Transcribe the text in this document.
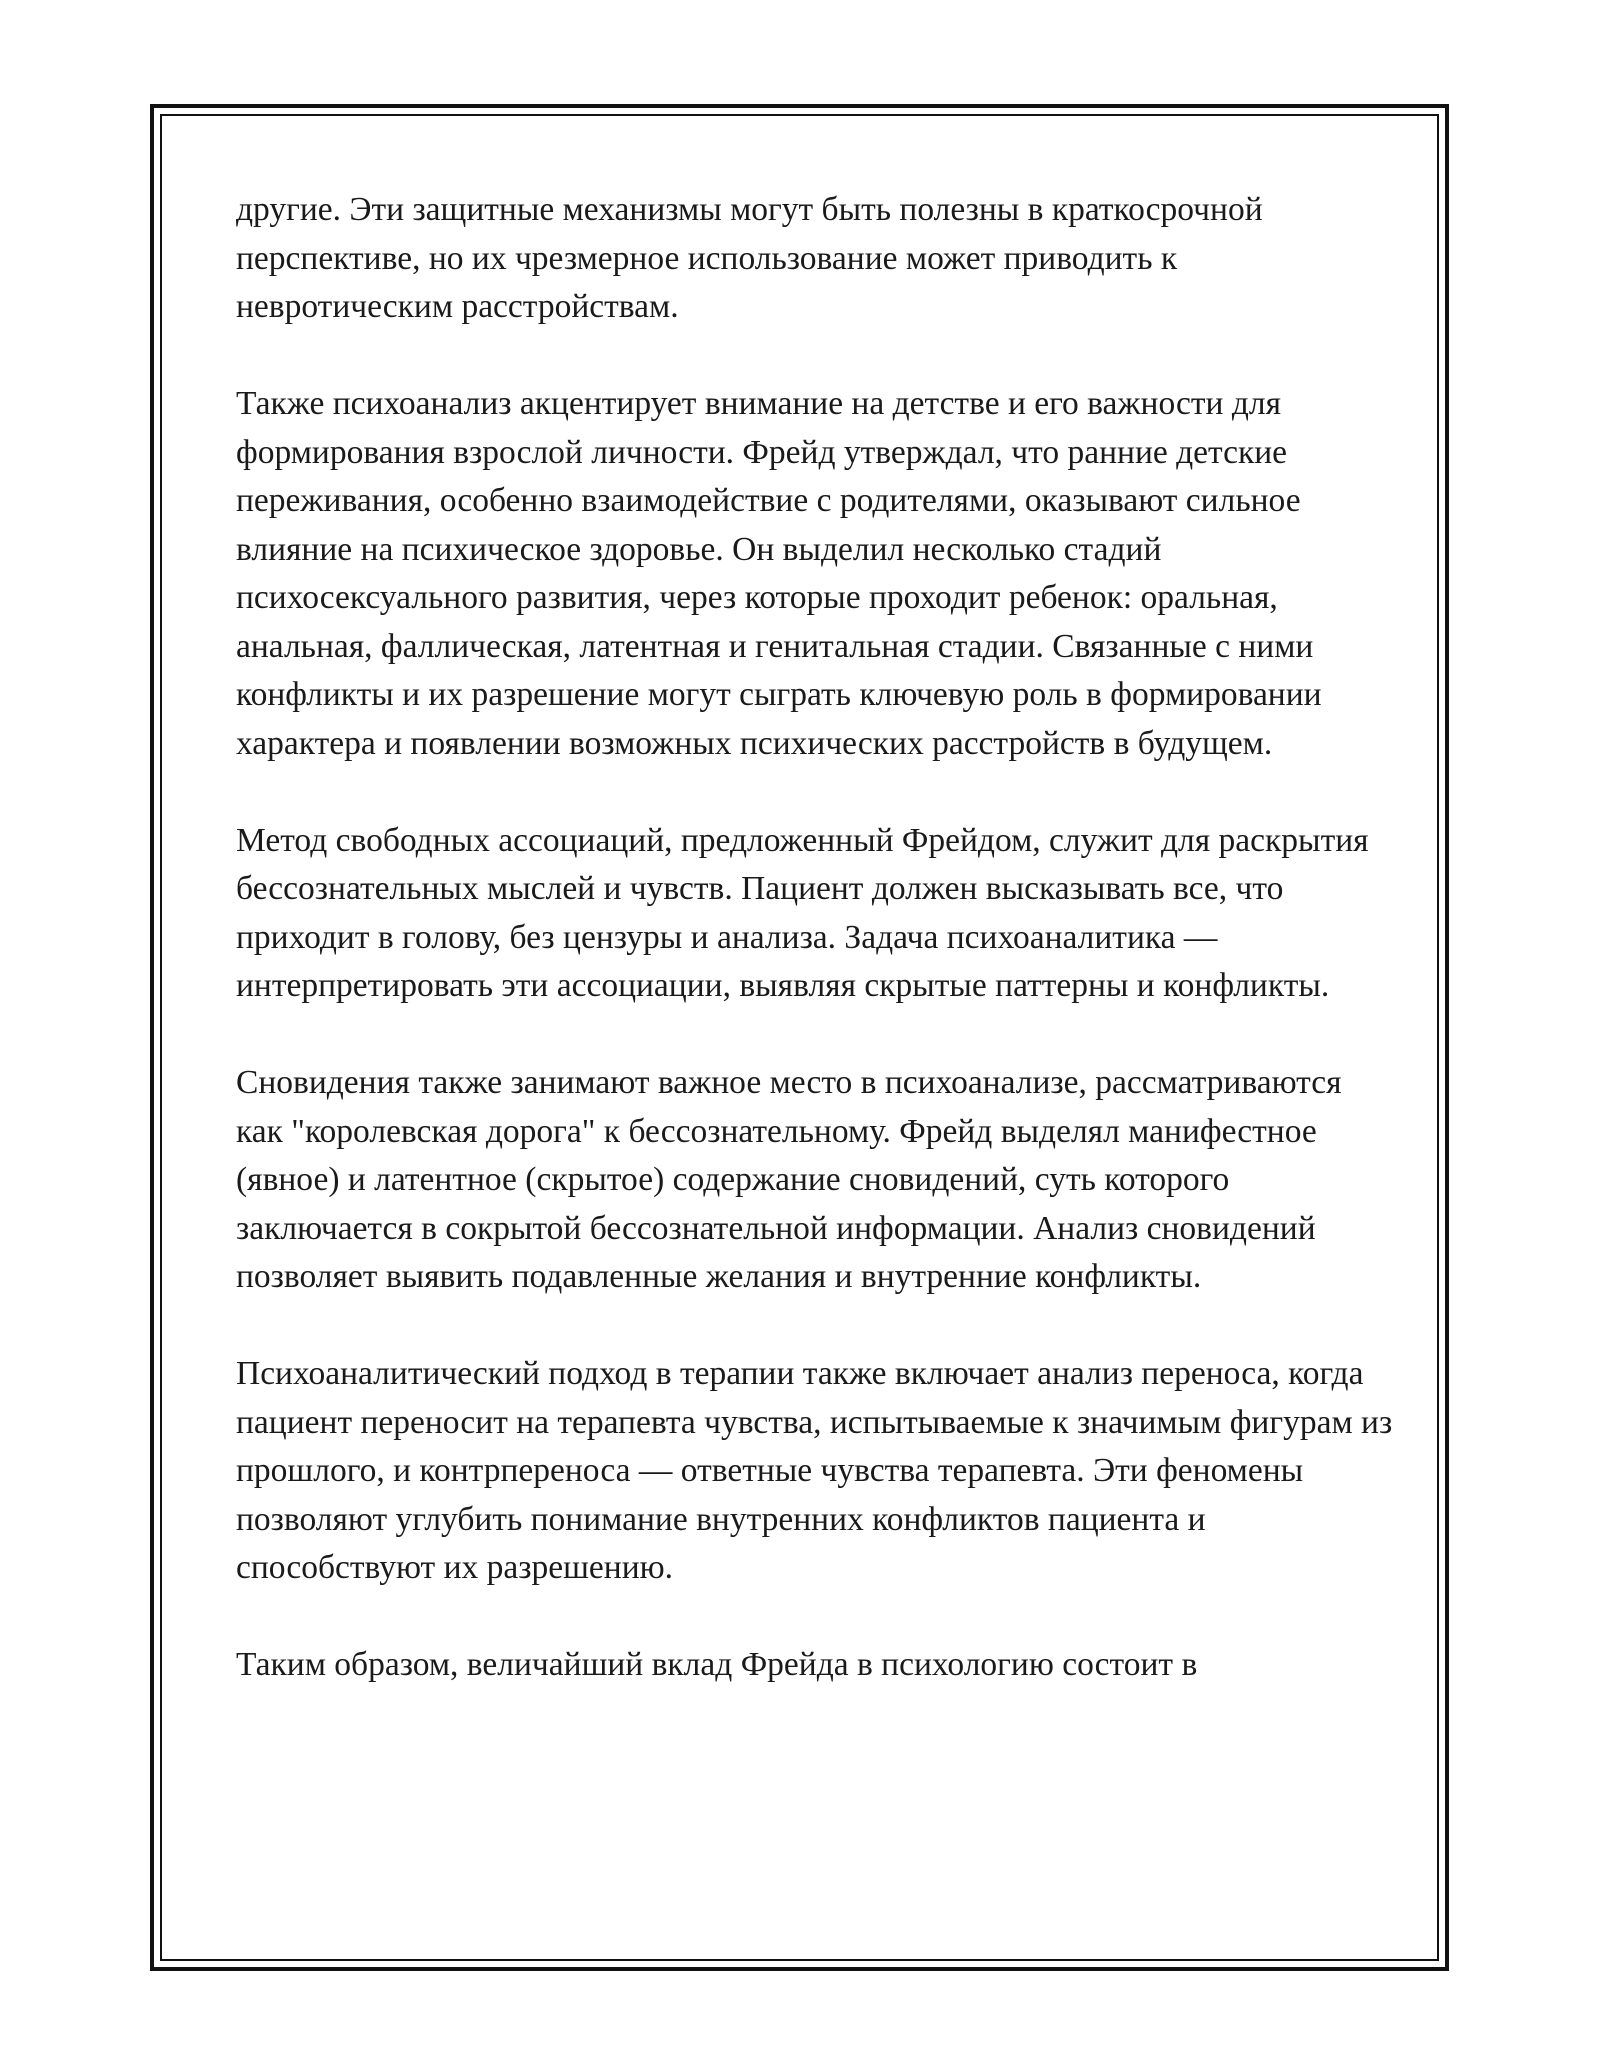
другие. Эти защитные механизмы могут быть полезны в краткосрочной перспективе, но их чрезмерное использование может приводить к невротическим расстройствам.

Также психоанализ акцентирует внимание на детстве и его важности для формирования взрослой личности. Фрейд утверждал, что ранние детские переживания, особенно взаимодействие с родителями, оказывают сильное влияние на психическое здоровье. Он выделил несколько стадий психосексуального развития, через которые проходит ребенок: оральная, анальная, фаллическая, латентная и генитальная стадии. Связанные с ними конфликты и их разрешение могут сыграть ключевую роль в формировании характера и появлении возможных психических расстройств в будущем.

Метод свободных ассоциаций, предложенный Фрейдом, служит для раскрытия бессознательных мыслей и чувств. Пациент должен высказывать все, что приходит в голову, без цензуры и анализа. Задача психоаналитика — интерпретировать эти ассоциации, выявляя скрытые паттерны и конфликты.

Сновидения также занимают важное место в психоанализе, рассматриваются как "королевская дорога" к бессознательному. Фрейд выделял манифестное (явное) и латентное (скрытое) содержание сновидений, суть которого заключается в сокрытой бессознательной информации. Анализ сновидений позволяет выявить подавленные желания и внутренние конфликты.

Психоаналитический подход в терапии также включает анализ переноса, когда пациент переносит на терапевта чувства, испытываемые к значимым фигурам из прошлого, и контрпереноса — ответные чувства терапевта. Эти феномены позволяют углубить понимание внутренних конфликтов пациента и способствуют их разрешению.

Таким образом, величайший вклад Фрейда в психологию состоит в
